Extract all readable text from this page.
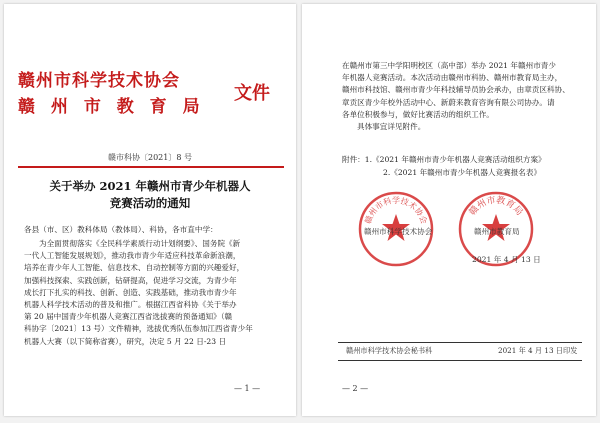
赣州市科学技术协会
赣 州 市 教 育 局
文件
赣市科协〔2021〕8 号
关于举办 2021 年赣州市青少年机器人
竞赛活动的通知
各县（市、区）教科体局（教体局）、科协，各市直中学：

为全面贯彻落实《全民科学素质行动计划纲要》、国务院《新

一代人工智能发展规划》，推动我市青少年适应科技革命新浪潮，

培养在青少年人工智能、信息技术、自动控制等方面的兴趣爱好，

加强科技探索、实践创新，钻研提高，促进学习交流，为青少年

成长打下扎实的科技、创新、创造、实践基础，推动我市青少年

机器人科学技术活动的普及和推广。根据江西省科协《关于举办

第 20 届中国青少年机器人竞赛江西省选拔赛的预备通知》（赣

科协字〔2021〕13 号）文件精神，选拔优秀队伍参加江西省青少年

机器人大赛（以下简称省赛），研究，决定 5 月 22 日-23 日

— 1 —

在赣州市第三中学阳明校区（高中部）举办 2021 年赣州市青少

年机器人竞赛活动。本次活动由赣州市科协、赣州市教育局主办，

赣州市科技馆、赣州市青少年科技辅导员协会承办，由章贡区科协、

章贡区青少年校外活动中心、新蔚来教育咨询有限公司协办。请

各单位积极参与，做好比赛活动的组织工作。

具体事宜详见附件。

附件：1.《2021 年赣州市青少年机器人竞赛活动组织方案》

2.《2021 年赣州市青少年机器人竞赛报名表》

赣州市科学技术协会
赣州市教育局
赣州市科学技术协会	赣州市教育局
2021 年 4 月 13 日
赣州市科学技术协会秘书科	2021 年 4 月 13 日印发
— 2 —
